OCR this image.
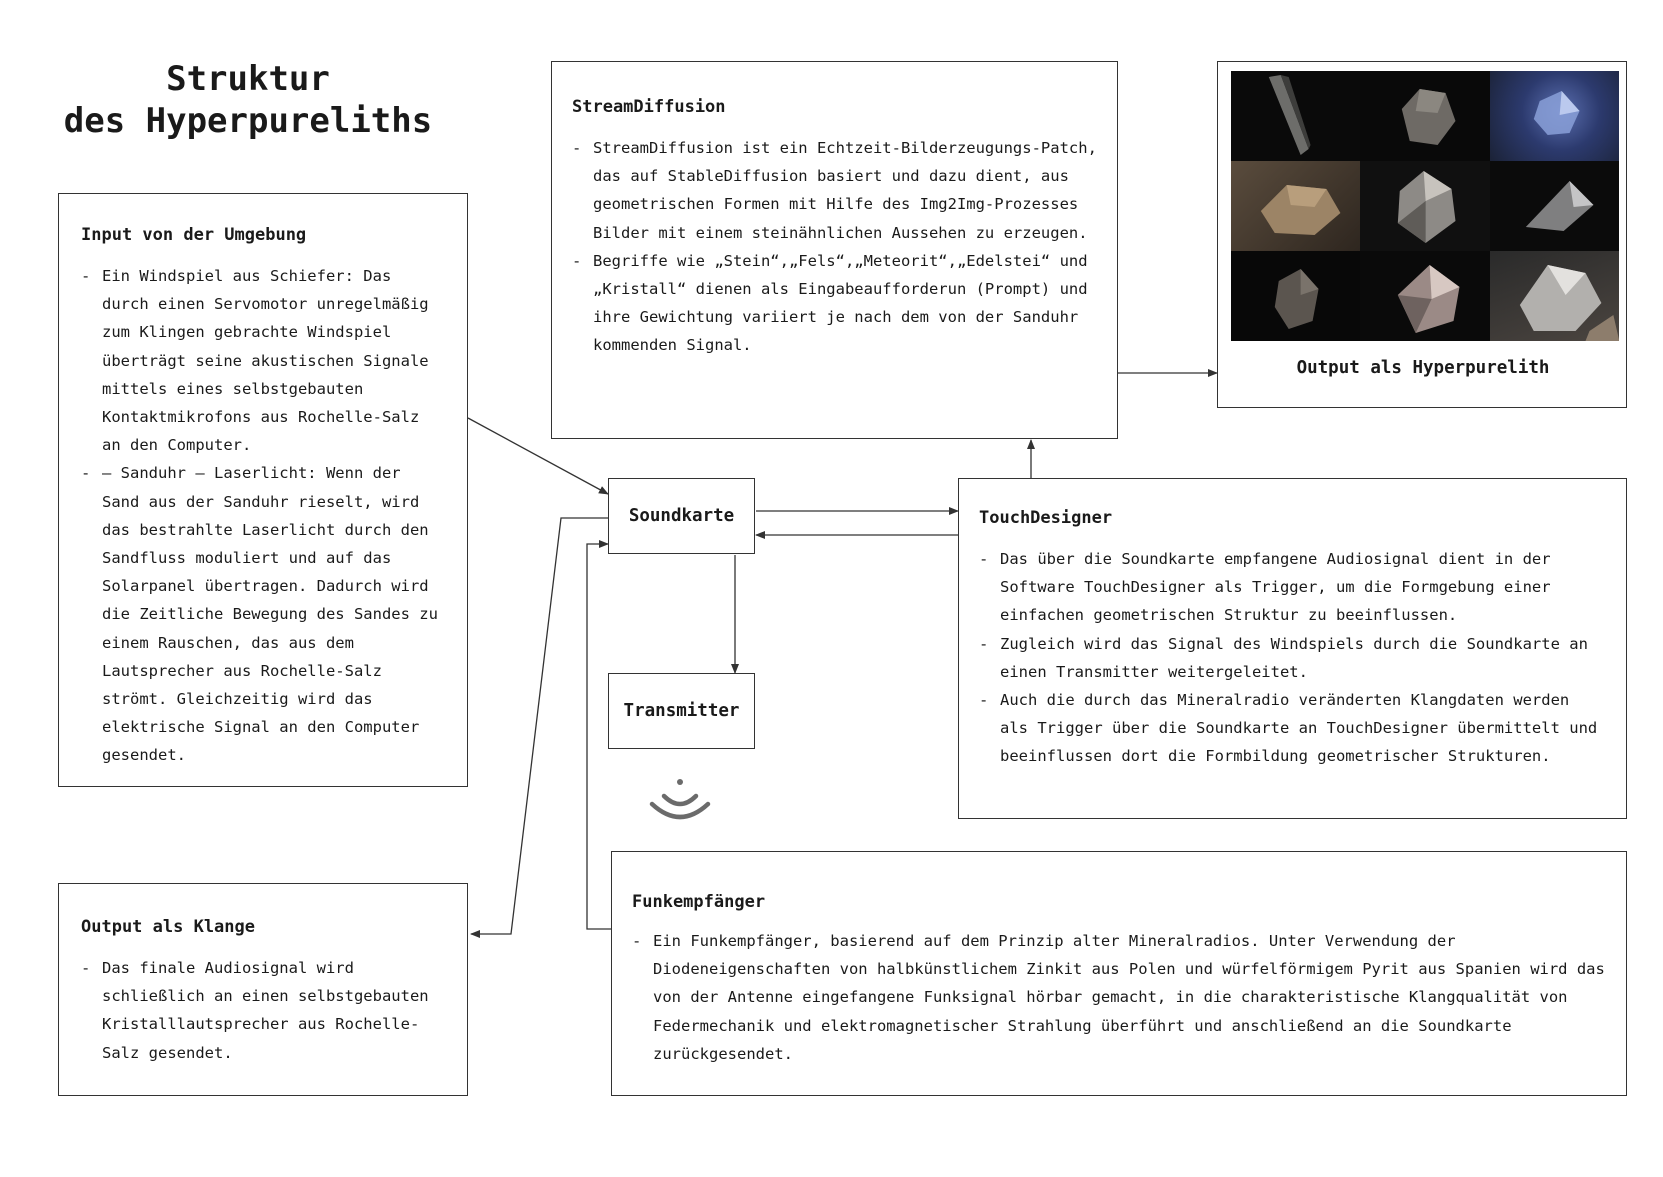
Struktur
des Hyperpureliths
Input von der Umgebung
- Ein Windspiel aus Schiefer: Das durch einen Servomotor unregelmäßig zum Klingen gebrachte Windspiel überträgt seine akustischen Signale mittels eines selbstgebauten Kontaktmikrofons aus Rochelle-Salz an den Computer.
- – Sanduhr – Laserlicht: Wenn der Sand aus der Sanduhr rieselt, wird das bestrahlte Laserlicht durch den Sandfluss moduliert und auf das Solarpanel übertragen. Dadurch wird die Zeitliche Bewegung des Sandes zu einem Rauschen, das aus dem Lautsprecher aus Rochelle-Salz strömt. Gleichzeitig wird das elektrische Signal an den Computer gesendet.
StreamDiffusion
- StreamDiffusion ist ein Echtzeit-Bilderzeugungs-Patch, das auf StableDiffusion basiert und dazu dient, aus geometrischen Formen mit Hilfe des Img2Img-Prozesses Bilder mit einem steinähnlichen Aussehen zu erzeugen.
- Begriffe wie „Stein“,„Fels“,„Meteorit“,„Edelstei“ und „Kristall“ dienen als Eingabeaufforderun (Prompt) und ihre Gewichtung variiert je nach dem von der Sanduhr kommenden Signal.
Output als Hyperpurelith
Soundkarte
Transmitter
TouchDesigner
- Das über die Soundkarte empfangene Audiosignal dient in der Software TouchDesigner als Trigger, um die Formgebung einer einfachen geometrischen Struktur zu beeinflussen.
- Zugleich wird das Signal des Windspiels durch die Soundkarte an einen Transmitter weitergeleitet.
- Auch die durch das Mineralradio veränderten Klangdaten werden als Trigger über die Soundkarte an TouchDesigner übermittelt und beeinflussen dort die Formbildung geometrischer Strukturen.
Output als Klange
- Das finale Audiosignal wird schließlich an einen selbstgebauten Kristalllautsprecher aus Rochelle-Salz gesendet.
Funkempfänger
- Ein Funkempfänger, basierend auf dem Prinzip alter Mineralradios. Unter Verwendung der Diodeneigenschaften von halbkünstlichem Zinkit aus Polen und würfelförmigem Pyrit aus Spanien wird das von der Antenne eingefangene Funksignal hörbar gemacht, in die charakteristische Klangqualität von Federmechanik und elektromagnetischer Strahlung überführt und anschließend an die Soundkarte zurückgesendet.
